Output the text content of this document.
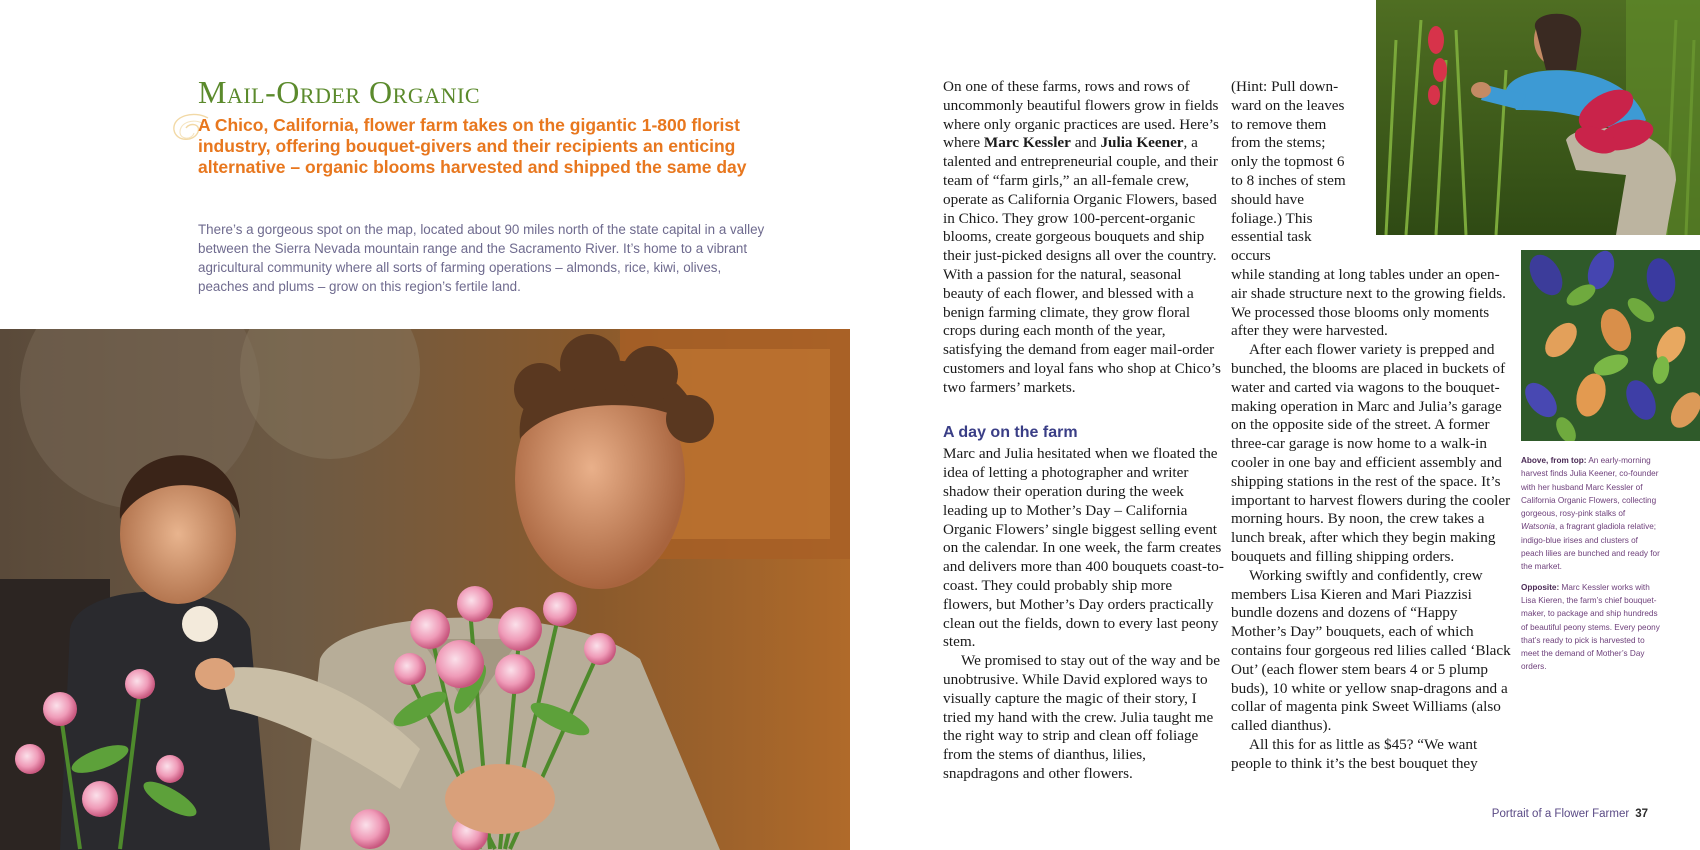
Mail-Order Organic

A Chico, California, flower farm takes on the gigantic 1-800 florist industry, offering bouquet-givers and their recipients an enticing alternative – organic blooms harvested and shipped the same day

There’s a gorgeous spot on the map, located about 90 miles north of the state capital in a valley between the Sierra Nevada mountain range and the Sacramento River. It’s home to a vibrant agricultural community where all sorts of farming operations – almonds, rice, kiwi, olives, peaches and plums – grow on this region’s fertile land.

On one of these farms, rows and rows of uncommonly beautiful flowers grow in fields where only organic practices are used. Here’s where Marc Kessler and Julia Keener, a talented and entrepreneurial couple, and their team of “farm girls,” an all-female crew, operate as California Organic Flowers, based in Chico. They grow 100-percent-organic blooms, create gorgeous bouquets and ship their just-picked designs all over the country. With a passion for the natural, seasonal beauty of each flower, and blessed with a benign farming climate, they grow floral crops during each month of the year, satisfying the demand from eager mail-order customers and loyal fans who shop at Chico’s two farmers’ markets.

A day on the farm

Marc and Julia hesitated when we floated the idea of letting a photographer and writer shadow their operation during the week leading up to Mother’s Day – California Organic Flowers’ single biggest selling event on the calendar. In one week, the farm creates and delivers more than 400 bouquets coast-to-coast. They could probably ship more flowers, but Mother’s Day orders practically clean out the fields, down to every last peony stem.

We promised to stay out of the way and be unobtrusive. While David explored ways to visually capture the magic of their story, I tried my hand with the crew. Julia taught me the right way to strip and clean off foliage from the stems of dianthus, lilies, snapdragons and other flowers.

(Hint: Pull down-ward on the leaves to remove them from the stems; only the topmost 6 to 8 inches of stem should have foliage.) This essential task occurs

while standing at long tables under an open-air shade structure next to the growing fields. We processed those blooms only moments after they were harvested.

After each flower variety is prepped and bunched, the blooms are placed in buckets of water and carted via wagons to the bouquet-making operation in Marc and Julia’s garage on the opposite side of the street. A former three-car garage is now home to a walk-in cooler in one bay and efficient assembly and shipping stations in the rest of the space. It’s important to harvest flowers during the cooler morning hours. By noon, the crew takes a lunch break, after which they begin making bouquets and filling shipping orders.

Working swiftly and confidently, crew members Lisa Kieren and Mari Piazzisi bundle dozens and dozens of “Happy Mother’s Day” bouquets, each of which contains four gorgeous red lilies called ‘Black Out’ (each flower stem bears 4 or 5 plump buds), 10 white or yellow snap-dragons and a collar of magenta pink Sweet Williams (also called dianthus).

All this for as little as $45? “We want people to think it’s the best bouquet they

Above, from top: An early-morning harvest finds Julia Keener, co-founder with her husband Marc Kessler of California Organic Flowers, collecting gorgeous, rosy-pink stalks of Watsonia, a fragrant gladiola relative; indigo-blue irises and clusters of peach lilies are bunched and ready for the market.

Opposite: Marc Kessler works with Lisa Kieren, the farm’s chief bouquet-maker, to package and ship hundreds of beautiful peony stems. Every peony that’s ready to pick is harvested to meet the demand of Mother’s Day orders.

Portrait of a Flower Farmer 37
